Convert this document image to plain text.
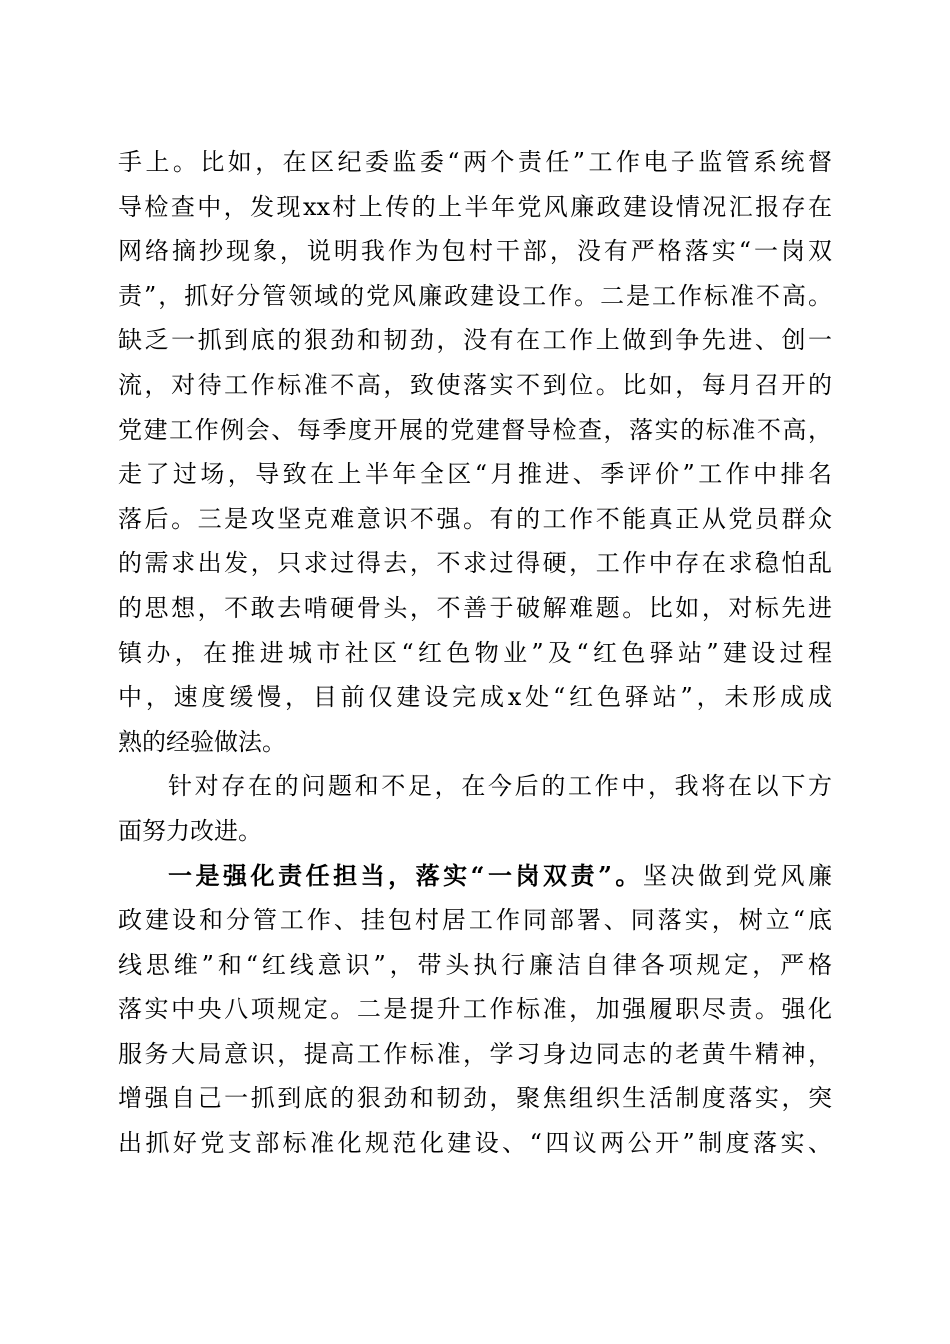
手上。比如，在区纪委监委“两个责任”工作电子监管系统督
导检查中，发现xx村上传的上半年党风廉政建设情况汇报存在
网络摘抄现象，说明我作为包村干部，没有严格落实“一岗双
责”，抓好分管领域的党风廉政建设工作。二是工作标准不高。
缺乏一抓到底的狠劲和韧劲，没有在工作上做到争先进、创一
流，对待工作标准不高，致使落实不到位。比如，每月召开的
党建工作例会、每季度开展的党建督导检查，落实的标准不高，
走了过场，导致在上半年全区“月推进、季评价”工作中排名
落后。三是攻坚克难意识不强。有的工作不能真正从党员群众
的需求出发，只求过得去，不求过得硬，工作中存在求稳怕乱
的思想，不敢去啃硬骨头，不善于破解难题。比如，对标先进
镇办，在推进城市社区“红色物业”及“红色驿站”建设过程
中，速度缓慢，目前仅建设完成x处“红色驿站”，未形成成
熟的经验做法。

针对存在的问题和不足，在今后的工作中，我将在以下方
面努力改进。

一是强化责任担当，落实“一岗双责”。坚决做到党风廉
政建设和分管工作、挂包村居工作同部署、同落实，树立“底
线思维”和“红线意识”，带头执行廉洁自律各项规定，严格
落实中央八项规定。二是提升工作标准，加强履职尽责。强化
服务大局意识，提高工作标准，学习身边同志的老黄牛精神，
增强自己一抓到底的狠劲和韧劲，聚焦组织生活制度落实，突
出抓好党支部标准化规范化建设、“四议两公开”制度落实、
